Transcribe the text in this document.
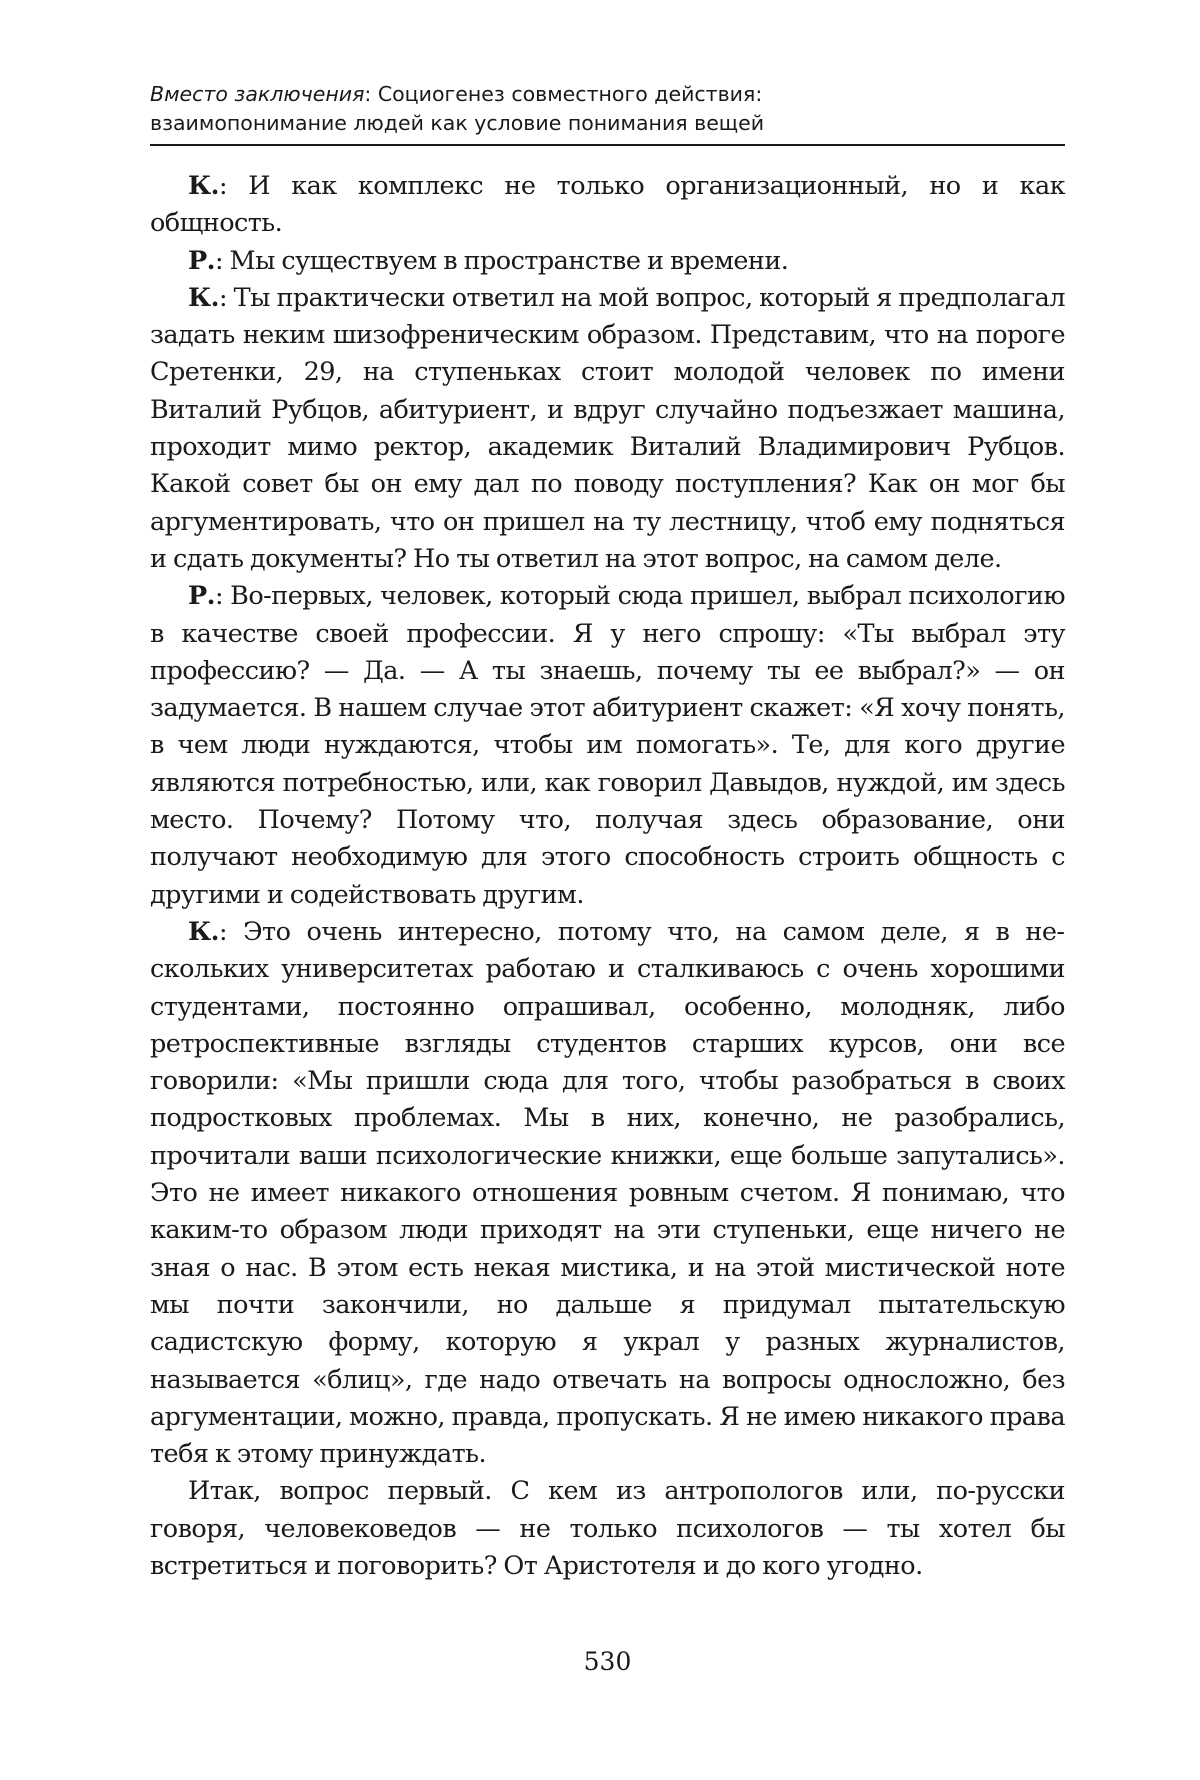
Вместо заключения: Социогенез совместного действия:
взаимопонимание людей как условие понимания вещей

К.: И как комплекс не только организационный, но и как общность.

Р.: Мы существуем в пространстве и времени.

К.: Ты практически ответил на мой вопрос, который я предполагал задать неким шизофреническим образом. Представим, что на пороге Сретенки, 29, на ступеньках стоит молодой человек по имени Виталий Рубцов, абитуриент, и вдруг случайно подъезжает машина, проходит мимо ректор, академик Виталий Владимирович Рубцов. Какой совет бы он ему дал по поводу поступления? Как он мог бы аргументировать, что он пришел на ту лестницу, чтоб ему подняться и сдать документы? Но ты ответил на этот вопрос, на самом деле.

Р.: Во-первых, человек, который сюда пришел, выбрал психологию в качестве своей профессии. Я у него спрошу: «Ты выбрал эту профессию? — Да. — А ты знаешь, почему ты ее выбрал?» — он задумается. В нашем случае этот абитуриент скажет: «Я хочу понять, в чем люди нуждаются, чтобы им помогать». Те, для кого другие являются потребностью, или, как говорил Давыдов, нуждой, им здесь место. Почему? Потому что, получая здесь образование, они получают необходимую для этого способность строить общность с другими и содействовать другим.

К.: Это очень интересно, потому что, на самом деле, я в нескольких университетах работаю и сталкиваюсь с очень хорошими студентами, постоянно опрашивал, особенно, молодняк, либо ретроспективные взгляды студентов старших курсов, они все говорили: «Мы пришли сюда для того, чтобы разобраться в своих подростковых проблемах. Мы в них, конечно, не разобрались, прочитали ваши психологические книжки, еще больше запутались». Это не имеет никакого отношения ровным счетом. Я понимаю, что каким-то образом люди приходят на эти ступеньки, еще ничего не зная о нас. В этом есть некая мистика, и на этой мистической ноте мы почти закончили, но дальше я придумал пытательскую садистскую форму, которую я украл у разных журналистов, называется «блиц», где надо отвечать на вопросы односложно, без аргументации, можно, правда, пропускать. Я не имею никакого права тебя к этому принуждать.

Итак, вопрос первый. С кем из антропологов или, по-русски говоря, человековедов — не только психологов — ты хотел бы встретиться и поговорить? От Аристотеля и до кого угодно.

530
